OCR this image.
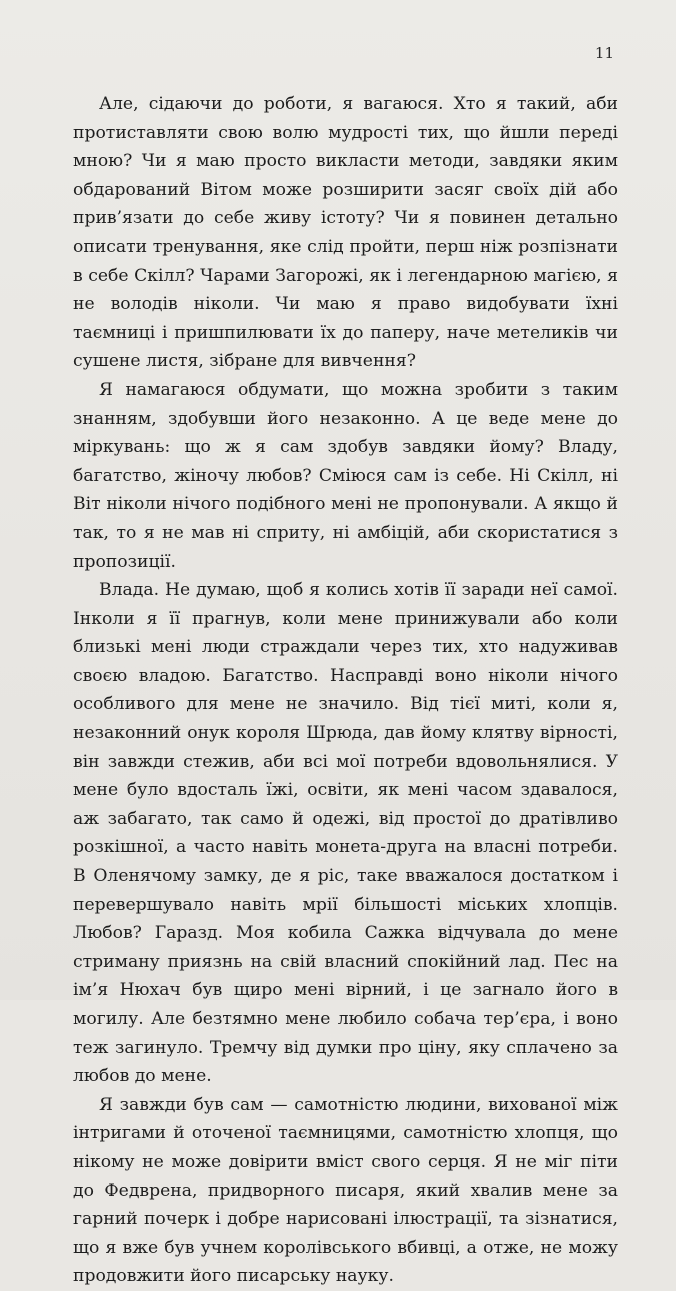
11

Але, сідаючи до роботи, я вагаюся. Хто я такий, аби протиставляти свою волю мудрості тих, що йшли переді мною? Чи я маю просто викласти методи, завдяки яким обдарований Вітом може розширити засяг своїх дій або прив’язати до себе живу істоту? Чи я повинен детально описати тренування, яке слід пройти, перш ніж розпізнати в себе Скілл? Чарами Загорожі, як і легендарною магією, я не володів ніколи. Чи маю я право видобувати їхні таємниці і пришпилювати їх до паперу, наче метеликів чи сушене листя, зібране для вивчення?

Я намагаюся обдумати, що можна зробити з таким знанням, здобувши його незаконно. А це веде мене до міркувань: що ж я сам здобув завдяки йому? Владу, багатство, жіночу любов? Сміюся сам із себе. Ні Скілл, ні Віт ніколи нічого подібного мені не пропонували. А якщо й так, то я не мав ні сприту, ні амбіцій, аби скористатися з пропозиції.

Влада. Не думаю, щоб я колись хотів її заради неї самої. Інколи я її прагнув, коли мене принижували або коли близькі мені люди страждали через тих, хто надуживав своєю владою. Багатство. Насправді воно ніколи нічого особливого для мене не значило. Від тієї миті, коли я, незаконний онук короля Шрюда, дав йому клятву вірності, він завжди стежив, аби всі мої потреби вдовольнялися. У мене було вдосталь їжі, освіти, як мені часом здавалося, аж забагато, так само й одежі, від простої до дратівливо розкішної, а часто навіть монета-друга на власні потреби. В Оленячому замку, де я ріс, таке вважалося достатком і перевершувало навіть мрії більшості міських хлопців. Любов? Гаразд. Моя кобила Сажка відчувала до мене стриману приязнь на свій власний спокійний лад. Пес на ім’я Нюхач був щиро мені вірний, і це загнало його в могилу. Але безтямно мене любило собача тер’єра, і воно теж загинуло. Тремчу від думки про ціну, яку сплачено за любов до мене.

Я завжди був сам — самотністю людини, вихованої між інтригами й оточеної таємницями, самотністю хлопця, що нікому не може довірити вміст свого серця. Я не міг піти до Федврена, придворного писаря, який хвалив мене за гарний почерк і добре нарисовані ілюстрації, та зізнатися, що я вже був учнем королівського вбивці, а отже, не можу продовжити його писарську науку.
